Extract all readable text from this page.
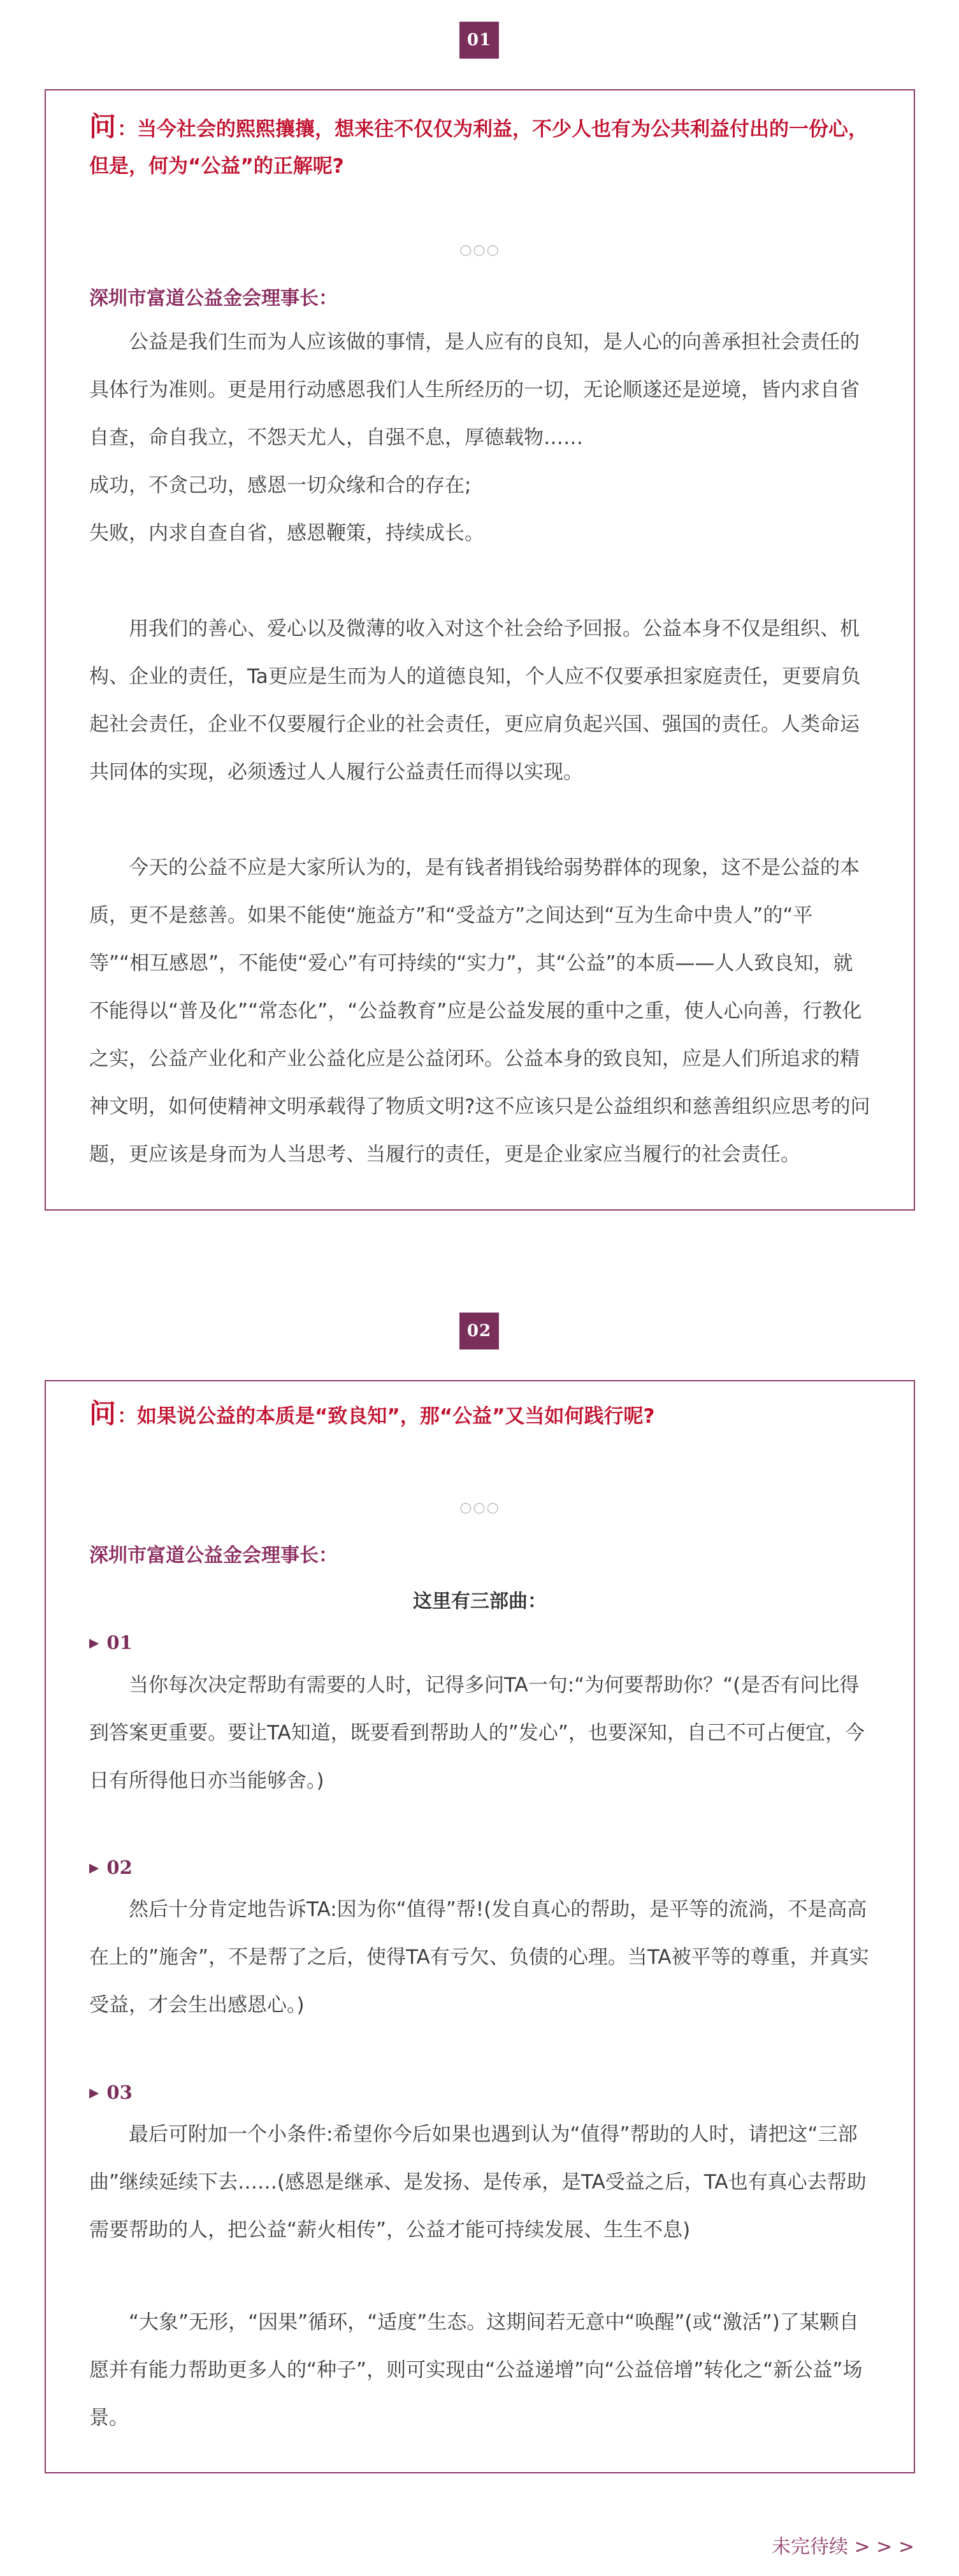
01
问：当今社会的熙熙攘攘，想来往不仅仅为利益，不少人也有为公共利益付出的一份心，但是，何为“公益”的正解呢?
○○○
深圳市富道公益金会理事长：

公益是我们生而为人应该做的事情，是人应有的良知，是人心的向善承担社会责任的具体行为准则。更是用行动感恩我们人生所经历的一切，无论顺遂还是逆境，皆内求自省自查，命自我立，不怨天尤人，自强不息，厚德载物……

成功，不贪己功，感恩一切众缘和合的存在;

失败，内求自查自省，感恩鞭策，持续成长。

用我们的善心、爱心以及微薄的收入对这个社会给予回报。公益本身不仅是组织、机构、企业的责任，Ta更应是生而为人的道德良知，个人应不仅要承担家庭责任，更要肩负起社会责任，企业不仅要履行企业的社会责任，更应肩负起兴国、强国的责任。人类命运共同体的实现，必须透过人人履行公益责任而得以实现。

今天的公益不应是大家所认为的，是有钱者捐钱给弱势群体的现象，这不是公益的本质，更不是慈善。如果不能使“施益方”和“受益方”之间达到“互为生命中贵人”的“平等”“相互感恩”，不能使“爱心”有可持续的“实力”，其“公益”的本质——人人致良知，就不能得以“普及化”“常态化”，“公益教育”应是公益发展的重中之重，使人心向善，行教化之实，公益产业化和产业公益化应是公益闭环。公益本身的致良知，应是人们所追求的精神文明，如何使精神文明承载得了物质文明?这不应该只是公益组织和慈善组织应思考的问题，更应该是身而为人当思考、当履行的责任，更是企业家应当履行的社会责任。

02
问：如果说公益的本质是“致良知”，那“公益”又当如何践行呢?
○○○
深圳市富道公益金会理事长：
这里有三部曲：
▶ 01

当你每次决定帮助有需要的人时，记得多问TA一句:“为何要帮助你？“(是否有问比得到答案更重要。要让TA知道，既要看到帮助人的”发心”，也要深知，自己不可占便宜，今日有所得他日亦当能够舍。)

▶ 02

然后十分肯定地告诉TA:因为你“值得”帮!(发自真心的帮助，是平等的流淌，不是高高在上的”施舍”，不是帮了之后，使得TA有亏欠、负债的心理。当TA被平等的尊重，并真实受益，才会生出感恩心。)

▶ 03

最后可附加一个小条件:希望你今后如果也遇到认为“值得”帮助的人时，请把这“三部曲”继续延续下去……(感恩是继承、是发扬、是传承，是TA受益之后，TA也有真心去帮助需要帮助的人，把公益“薪火相传”，公益才能可持续发展、生生不息)

“大象”无形，“因果”循环，“适度”生态。这期间若无意中“唤醒”(或“激活”)了某颗自愿并有能力帮助更多人的“种子”，则可实现由“公益递增”向“公益倍增”转化之“新公益”场景。

未完待续 > > >
